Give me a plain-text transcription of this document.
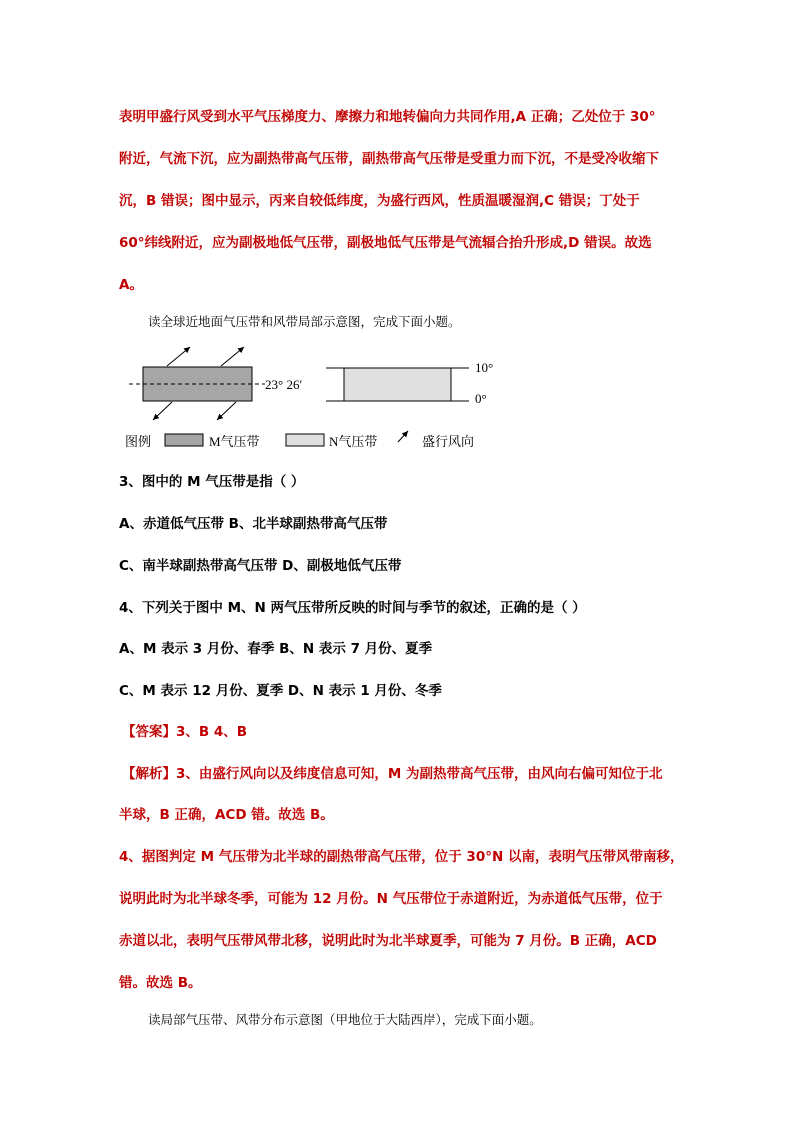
表明甲盛行风受到水平气压梯度力、摩擦力和地转偏向力共同作用,A 正确；乙处位于 30°
附近，气流下沉，应为副热带高气压带，副热带高气压带是受重力而下沉，不是受冷收缩下
沉，B 错误；图中显示，丙来自较低纬度，为盛行西风，性质温暖湿润,C 错误；丁处于
60°纬线附近，应为副极地低气压带，副极地低气压带是气流辐合抬升形成,D 错误。故选
A。
读全球近地面气压带和风带局部示意图，完成下面小题。
23° 26′
10°
0°
图例	M气压带	N气压带	盛行风向
3、图中的 M 气压带是指（ ）
A、赤道低气压带 B、北半球副热带高气压带
C、南半球副热带高气压带 D、副极地低气压带
4、下列关于图中 M、N 两气压带所反映的时间与季节的叙述，正确的是（ ）
A、M 表示 3 月份、春季 B、N 表示 7 月份、夏季
C、M 表示 12 月份、夏季 D、N 表示 1 月份、冬季
【答案】3、B 4、B
【解析】3、由盛行风向以及纬度信息可知，M 为副热带高气压带，由风向右偏可知位于北
半球，B 正确，ACD 错。故选 B。
4、据图判定 M 气压带为北半球的副热带高气压带，位于 30°N 以南，表明气压带风带南移，
说明此时为北半球冬季，可能为 12 月份。N 气压带位于赤道附近，为赤道低气压带，位于
赤道以北，表明气压带风带北移，说明此时为北半球夏季，可能为 7 月份。B 正确，ACD
错。故选 B。
读局部气压带、风带分布示意图（甲地位于大陆西岸），完成下面小题。
